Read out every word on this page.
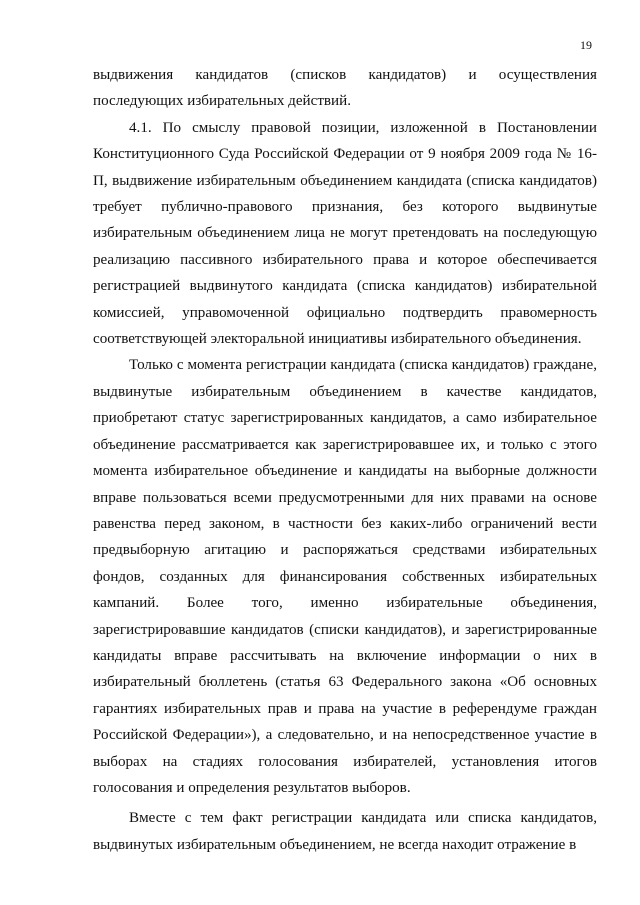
19

выдвижения кандидатов (списков кандидатов) и осуществления последующих избирательных действий.

4.1. По смыслу правовой позиции, изложенной в Постановлении Конституционного Суда Российской Федерации от 9 ноября 2009 года № 16-П, выдвижение избирательным объединением кандидата (списка кандидатов) требует публично-правового признания, без которого выдвинутые избирательным объединением лица не могут претендовать на последующую реализацию пассивного избирательного права и которое обеспечивается регистрацией выдвинутого кандидата (списка кандидатов) избирательной комиссией, управомоченной официально подтвердить правомерность соответствующей электоральной инициативы избирательного объединения.

Только с момента регистрации кандидата (списка кандидатов) граждане, выдвинутые избирательным объединением в качестве кандидатов, приобретают статус зарегистрированных кандидатов, а само избирательное объединение рассматривается как зарегистрировавшее их, и только с этого момента избирательное объединение и кандидаты на выборные должности вправе пользоваться всеми предусмотренными для них правами на основе равенства перед законом, в частности без каких-либо ограничений вести предвыборную агитацию и распоряжаться средствами избирательных фондов, созданных для финансирования собственных избирательных кампаний. Более того, именно избирательные объединения, зарегистрировавшие кандидатов (списки кандидатов), и зарегистрированные кандидаты вправе рассчитывать на включение информации о них в избирательный бюллетень (статья 63 Федерального закона «Об основных гарантиях избирательных прав и права на участие в референдуме граждан Российской Федерации»), а следовательно, и на непосредственное участие в выборах на стадиях голосования избирателей, установления итогов голосования и определения результатов выборов.

Вместе с тем факт регистрации кандидата или списка кандидатов, выдвинутых избирательным объединением, не всегда находит отражение в
